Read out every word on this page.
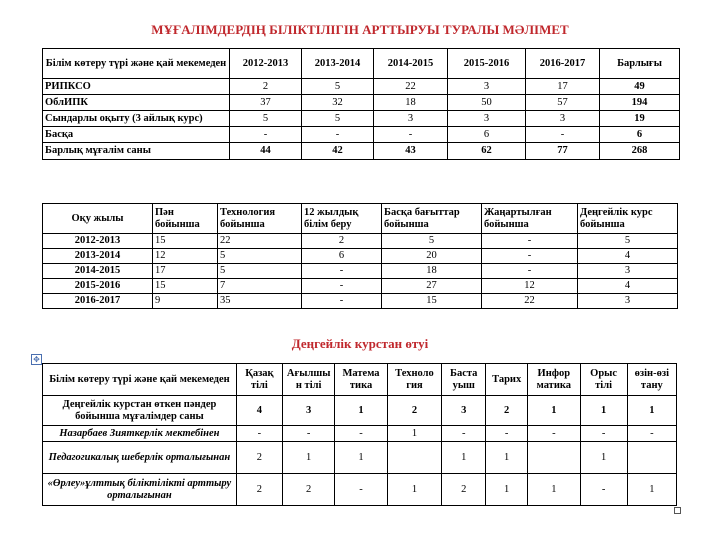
МҰҒАЛІМДЕРДІҢ БІЛІКТІЛІГІН АРТТЫРУЫ ТУРАЛЫ МӘЛІМЕТ
Білім көтеру түрі және қай мекемеден	2012-2013	2013-2014	2014-2015	2015-2016	2016-2017	Барлығы
РИПКСО	2	5	22	3	17	49
ОблИПК	37	32	18	50	57	194
Сындарлы оқыту (3 айлық курс)	5	5	3	3	3	19
Басқа	-	-	-	6	-	6
Барлық мұғалім саны	44	42	43	62	77	268
Оқу жылы	Пән бойынша	Технология бойынша	12 жылдық білім беру	Басқа бағыттар бойынша	Жаңартылған бойынша	Деңгейлік курс бойынша
2012-2013	15	22	2	5	-	5
2013-2014	12	5	6	20	-	4
2014-2015	17	5	-	18	-	3
2015-2016	15	7	-	27	12	4
2016-2017	9	35	-	15	22	3
Деңгейлік курстан өтуі
✥
Білім көтеру түрі және қай мекемеден	Қазақ тілі	Ағылшы н тілі	Матема тика	Техноло гия	Баста уыш	Тарих	Инфор матика	Орыс тілі	өзін-өзі тану
Деңгейлік курстан өткен пәндер бойынша мұғалімдер саны	4	3	1	2	3	2	1	1	1
Назарбаев Зияткерлік мектебінен	-	-	-	1	-	-	-	-	-
Педагогикалық шеберлік орталығынан	2	1	1		1	1		1	
«Өрлеу»ұлттық біліктілікті арттыру орталығынан	2	2	-	1	2	1	1	-	1
